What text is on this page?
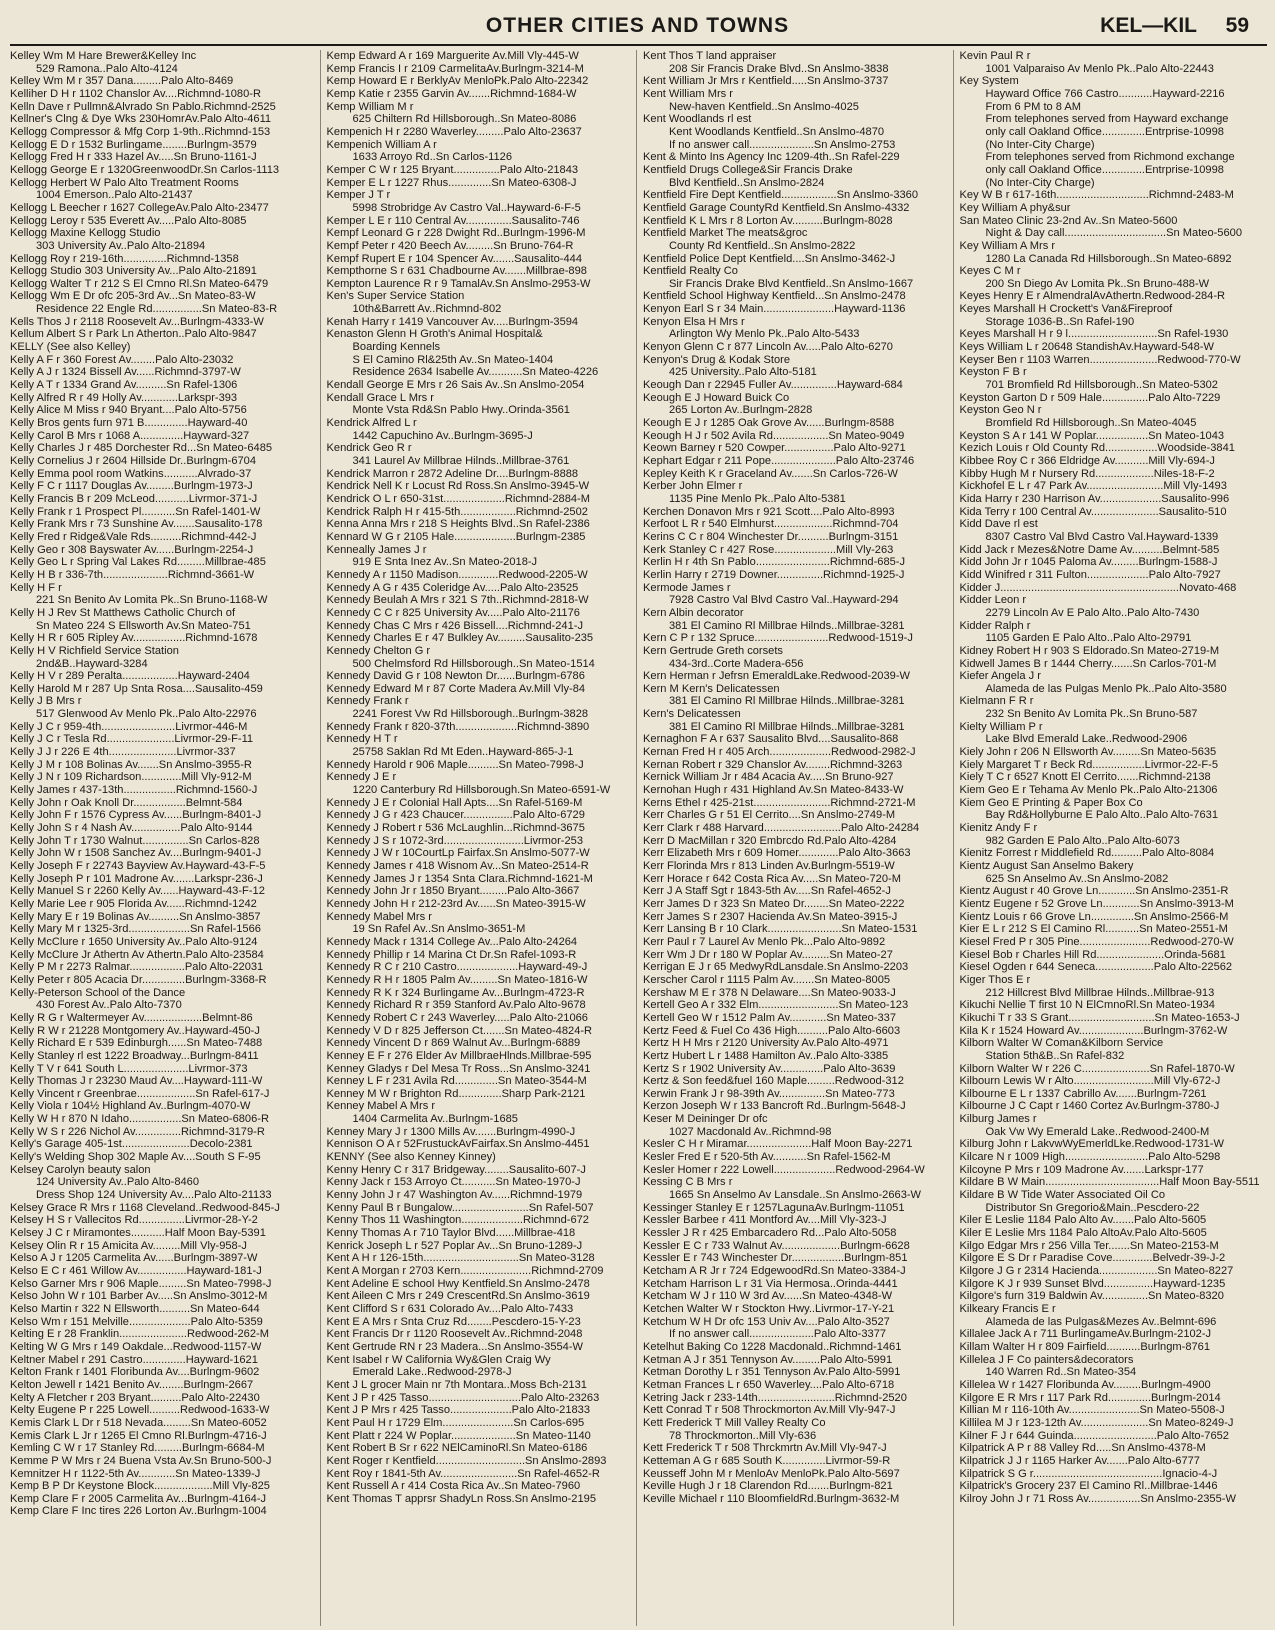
OTHER CITIES AND TOWNS	KEL—KIL 59
Kelley Wm M Hare Brewer&Kelley Inc
529 Ramona..Palo Alto-4124
Kelley Wm M r 357 Dana.........Palo Alto-8469
Kelliher D H r 1102 Chanslor Av....Richmnd-1080-R
Kelln Dave r Pullmn&Alvrado Sn Pablo.Richmnd-2525
Kellner's Clng & Dye Wks 230HomrAv.Palo Alto-4611
Kellogg Compressor & Mfg Corp 1-9th..Richmnd-153
Kellogg E D r 1532 Burlingame........Burlngm-3579
Kellogg Fred H r 333 Hazel Av.....Sn Bruno-1161-J
Kellogg George E r 1320GreenwoodDr.Sn Carlos-1113
Kellogg Herbert W Palo Alto Treatment Rooms
1004 Emerson..Palo Alto-21437
Kellogg L Beecher r 1627 CollegeAv.Palo Alto-23477
Kellogg Leroy r 535 Everett Av.....Palo Alto-8085
Kellogg Maxine Kellogg Studio
303 University Av..Palo Alto-21894
Kellogg Roy r 219-16th..............Richmnd-1358
Kellogg Studio 303 University Av...Palo Alto-21891
Kellogg Walter T r 212 S El Cmno Rl.Sn Mateo-6479
Kellogg Wm E Dr ofc 205-3rd Av...Sn Mateo-83-W
Residence 22 Engle Rd................Sn Mateo-83-R
Kells Thos J r 2118 Roosevelt Av...Burlngm-4333-W
Kellum Albert S r Park Ln Atherton..Palo Alto-9847
KELLY (See also Kelley)
Kelly A F r 360 Forest Av........Palo Alto-23032
Kelly A J r 1324 Bissell Av......Richmnd-3797-W
Kelly A T r 1334 Grand Av..........Sn Rafel-1306
Kelly Alfred R r 49 Holly Av............Larkspr-393
Kelly Alice M Miss r 940 Bryant....Palo Alto-5756
Kelly Bros gents furn 971 B..............Hayward-40
Kelly Carol B Mrs r 1068 A..............Hayward-327
Kelly Charles J r 485 Dorchester Rd...Sn Mateo-6485
Kelly Cornelius J r 2604 Hillside Dr..Burlngm-6704
Kelly Emma pool room Watkins...........Alvrado-37
Kelly F C r 1117 Douglas Av.........Burlngm-1973-J
Kelly Francis B r 209 McLeod...........Livrmor-371-J
Kelly Frank r 1 Prospect Pl...........Sn Rafel-1401-W
Kelly Frank Mrs r 73 Sunshine Av.......Sausalito-178
Kelly Fred r Ridge&Vale Rds..........Richmnd-442-J
Kelly Geo r 308 Bayswater Av......Burlngm-2254-J
Kelly Geo L r Spring Val Lakes Rd.........Millbrae-485
Kelly H B r 336-7th.....................Richmnd-3661-W
Kelly H F r
221 Sn Benito Av Lomita Pk..Sn Bruno-1168-W
Kelly H J Rev St Matthews Catholic Church of
Sn Mateo 224 S Ellsworth Av.Sn Mateo-751
Kelly H R r 605 Ripley Av.................Richmnd-1678
Kelly H V Richfield Service Station
2nd&B..Hayward-3284
Kelly H V r 289 Peralta..................Hayward-2404
Kelly Harold M r 287 Up Snta Rosa....Sausalito-459
Kelly J B Mrs r
517 Glenwood Av Menlo Pk..Palo Alto-22976
Kelly J C r 959-4th........................Livrmor-446-M
Kelly J C r Tesla Rd......................Livrmor-29-F-11
Kelly J J r 226 E 4th......................Livrmor-337
Kelly J M r 108 Bolinas Av.......Sn Anslmo-3955-R
Kelly J N r 109 Richardson.............Mill Vly-912-M
Kelly James r 437-13th.................Richmnd-1560-J
Kelly John r Oak Knoll Dr.................Belmnt-584
Kelly John F r 1576 Cypress Av......Burlngm-8401-J
Kelly John S r 4 Nash Av................Palo Alto-9144
Kelly John T r 1730 Walnut...............Sn Carlos-828
Kelly John W r 1508 Sanchez Av....Burlngm-9401-J
Kelly Joseph F r 22743 Bayview Av.Hayward-43-F-5
Kelly Joseph P r 101 Madrone Av.......Larkspr-236-J
Kelly Manuel S r 2260 Kelly Av......Hayward-43-F-12
Kelly Marie Lee r 905 Florida Av......Richmnd-1242
Kelly Mary E r 19 Bolinas Av..........Sn Anslmo-3857
Kelly Mary M r 1325-3rd....................Sn Rafel-1566
Kelly McClure r 1650 University Av..Palo Alto-9124
Kelly McClure Jr Athertn Av Athertn.Palo Alto-23584
Kelly P M r 2273 Ralmar..................Palo Alto-22031
Kelly Peter r 805 Acacia Dr..............Burlngm-3368-R
Kelly-Peterson School of the Dance
430 Forest Av..Palo Alto-7370
Kelly R G r Waltermeyer Av...................Belmnt-86
Kelly R W r 21228 Montgomery Av..Hayward-450-J
Kelly Richard E r 539 Edinburgh......Sn Mateo-7488
Kelly Stanley rl est 1222 Broadway...Burlngm-8411
Kelly T V r 641 South L.....................Livrmor-373
Kelly Thomas J r 23230 Maud Av....Hayward-111-W
Kelly Vincent r Greenbrae...................Sn Rafel-617-J
Kelly Viola r 104½ Highland Av..Burlngm-4070-W
Kelly W H r 870 N Idaho.................Sn Mateo-6806-R
Kelly W S r 226 Nichol Av...............Richmnd-3179-R
Kelly's Garage 405-1st......................Decolo-2381
Kelly's Welding Shop 302 Maple Av....South S F-95
Kelsey Carolyn beauty salon
124 University Av..Palo Alto-8460
Dress Shop 124 University Av....Palo Alto-21133
Kelsey Grace R Mrs r 1168 Cleveland..Redwood-845-J
Kelsey H S r Vallecitos Rd...............Livrmor-28-Y-2
Kelsey J C r Miramontes...........Half Moon Bay-5391
Kelsey Olin R r 15 Amicita Av.........Mill Vly-958-J
Kelso A J r 1205 Carmelita Av......Burlngm-3897-W
Kelso E C r 461 Willow Av................Hayward-181-J
Kelso Garner Mrs r 906 Maple.........Sn Mateo-7998-J
Kelso John W r 101 Barber Av.....Sn Anslmo-3012-M
Kelso Martin r 322 N Ellsworth..........Sn Mateo-644
Kelso Wm r 151 Melville....................Palo Alto-5359
Kelting E r 28 Franklin......................Redwood-262-M
Kelting W G Mrs r 149 Oakdale...Redwood-1157-W
Keltner Mabel r 291 Castro..............Hayward-1621
Kelton Frank r 1401 Floribunda Av....Burlngm-9602
Kelton Jewell r 1421 Benito Av........Burlngm-2667
Kelty A Fletcher r 203 Bryant..........Palo Alto-22430
Kelty Eugene P r 225 Lowell..........Redwood-1633-W
Kemis Clark L Dr r 518 Nevada.........Sn Mateo-6052
Kemis Clark L Jr r 1265 El Cmno Rl.Burlngm-4716-J
Kemling C W r 17 Stanley Rd.........Burlngm-6684-M
Kemme P W Mrs r 24 Buena Vsta Av.Sn Bruno-500-J
Kemnitzer H r 1122-5th Av............Sn Mateo-1339-J
Kemp B P Dr Keystone Block...................Mill Vly-825
Kemp Clare F r 2005 Carmelita Av...Burlngm-4164-J
Kemp Clare F Inc tires 226 Lorton Av..Burlngm-1004
Kemp Edward A r 169 Marguerite Av.Mill Vly-445-W
Kemp Francis I r 2109 CarmelitaAv.Burlngm-3214-M
Kemp Howard E r BerklyAv MenloPk.Palo Alto-22342
Kemp Katie r 2355 Garvin Av.......Richmnd-1684-W
Kemp William M r
625 Chiltern Rd Hillsborough..Sn Mateo-8086
Kempenich H r 2280 Waverley.........Palo Alto-23637
Kempenich William A r
1633 Arroyo Rd..Sn Carlos-1126
Kemper C W r 125 Bryant...............Palo Alto-21843
Kemper E L r 1227 Rhus..............Sn Mateo-6308-J
Kemper J T r
5998 Strobridge Av Castro Val..Hayward-6-F-5
Kemper L E r 110 Central Av...............Sausalito-746
Kempf Leonard G r 228 Dwight Rd..Burlngm-1996-M
Kempf Peter r 420 Beech Av.........Sn Bruno-764-R
Kempf Rupert E r 104 Spencer Av.......Sausalito-444
Kempthorne S r 631 Chadbourne Av.......Millbrae-898
Kempton Laurence R r 9 TamalAv.Sn Anslmo-2953-W
Ken's Super Service Station
10th&Barrett Av..Richmnd-802
Kenah Harry r 1419 Vancouver Av.....Burlngm-3594
Kenaston Glenn H Groth's Animal Hospital&
Boarding Kennels
S El Camino Rl&25th Av..Sn Mateo-1404
Residence 2634 Isabelle Av...........Sn Mateo-4226
Kendall George E Mrs r 26 Sais Av..Sn Anslmo-2054
Kendall Grace L Mrs r
Monte Vsta Rd&Sn Pablo Hwy..Orinda-3561
Kendrick Alfred L r
1442 Capuchino Av..Burlngm-3695-J
Kendrick Geo R r
341 Laurel Av Millbrae Hilnds..Millbrae-3761
Kendrick Marron r 2872 Adeline Dr....Burlngm-8888
Kendrick Nell K r Locust Rd Ross.Sn Anslmo-3945-W
Kendrick O L r 650-31st....................Richmnd-2884-M
Kendrick Ralph H r 415-5th..................Richmnd-2502
Kenna Anna Mrs r 218 S Heights Blvd..Sn Rafel-2386
Kennard W G r 2105 Hale....................Burlngm-2385
Kenneally James J r
919 E Snta Inez Av..Sn Mateo-2018-J
Kennedy A r 1150 Madison.............Redwood-2205-W
Kennedy A G r 435 Coleridge Av.....Palo Alto-23525
Kennedy Beulah A Mrs r 321 S 7th..Richmnd-2818-W
Kennedy C C r 825 University Av.....Palo Alto-21176
Kennedy Chas C Mrs r 426 Bissell....Richmnd-241-J
Kennedy Charles E r 47 Bulkley Av.........Sausalito-235
Kennedy Chelton G r
500 Chelmsford Rd Hillsborough..Sn Mateo-1514
Kennedy David G r 108 Newton Dr......Burlngm-6786
Kennedy Edward M r 87 Corte Madera Av.Mill Vly-84
Kennedy Frank r
2241 Forest Vw Rd Hillsborough..Burlngm-3828
Kennedy Frank r 820-37th....................Richmnd-3890
Kennedy H T r
25758 Saklan Rd Mt Eden..Hayward-865-J-1
Kennedy Harold r 906 Maple..........Sn Mateo-7998-J
Kennedy J E r
1220 Canterbury Rd Hillsborough.Sn Mateo-6591-W
Kennedy J E r Colonial Hall Apts....Sn Rafel-5169-M
Kennedy J G r 423 Chaucer................Palo Alto-6729
Kennedy J Robert r 536 McLaughlin...Richmnd-3675
Kennedy J S r 1072-3rd..........................Livrmor-253
Kennedy J W r 10CourtLp Fairfax.Sn Anslmo-5077-W
Kennedy James r 418 Wisnom Av...Sn Mateo-2514-R
Kennedy James J r 1354 Snta Clara.Richmnd-1621-M
Kennedy John Jr r 1850 Bryant.........Palo Alto-3667
Kennedy John H r 212-23rd Av......Sn Mateo-3915-W
Kennedy Mabel Mrs r
19 Sn Rafel Av..Sn Anslmo-3651-M
Kennedy Mack r 1314 College Av...Palo Alto-24264
Kennedy Phillip r 14 Marina Ct Dr.Sn Rafel-1093-R
Kennedy R C r 210 Castro....................Hayward-49-J
Kennedy R H r 1805 Palm Av.........Sn Mateo-1816-W
Kennedy R K r 324 Burlingame Av...Burlngm-4723-R
Kennedy Richard R r 359 Stanford Av.Palo Alto-9678
Kennedy Robert C r 243 Waverley.....Palo Alto-21066
Kennedy V D r 825 Jefferson Ct.......Sn Mateo-4824-R
Kennedy Vincent D r 869 Walnut Av...Burlngm-6889
Kenney E F r 276 Elder Av MillbraeHlnds.Millbrae-595
Kenney Gladys r Del Mesa Tr Ross...Sn Anslmo-3241
Kenney L F r 231 Avila Rd..............Sn Mateo-3544-M
Kenney M W r Brighton Rd..............Sharp Park-2121
Kenney Mabel A Mrs r
1404 Carmelita Av..Burlngm-1685
Kenney Mary J r 1300 Mills Av.......Burlngm-4990-J
Kennison O A r 52FrustuckAvFairfax.Sn Anslmo-4451
KENNY (See also Kenney Kinney)
Kenny Henry C r 317 Bridgeway........Sausalito-607-J
Kenny Jack r 153 Arroyo Ct...........Sn Mateo-1970-J
Kenny John J r 47 Washington Av......Richmnd-1979
Kenny Paul B r Bungalow.........................Sn Rafel-507
Kenny Thos 11 Washington....................Richmnd-672
Kenny Thomas A r 710 Taylor Blvd......Millbrae-418
Kenrick Joseph L r 527 Poplar Av...Sn Bruno-1289-J
Kent A H r 126-15th...............................Sn Mateo-3128
Kent A Morgan r 2703 Kern.......................Richmnd-2709
Kent Adeline E school Hwy Kentfield.Sn Anslmo-2478
Kent Aileen C Mrs r 249 CrescentRd.Sn Anslmo-3619
Kent Clifford S r 631 Colorado Av....Palo Alto-7433
Kent E A Mrs r Snta Cruz Rd........Pescdero-15-Y-23
Kent Francis Dr r 1120 Roosevelt Av..Richmnd-2048
Kent Gertrude RN r 23 Madera...Sn Anslmo-3554-W
Kent Isabel r W California Wy&Glen Craig Wy
Emerald Lake..Redwood-2978-J
Kent J L grocer Main nr 7th Montara..Moss Bch-2131
Kent J P r 425 Tasso..............................Palo Alto-23263
Kent J P Mrs r 425 Tasso....................Palo Alto-21833
Kent Paul H r 1729 Elm.......................Sn Carlos-695
Kent Platt r 224 W Poplar.....................Sn Mateo-1140
Kent Robert B Sr r 622 NElCaminoRl.Sn Mateo-6186
Kent Roger r Kentfield.............................Sn Anslmo-2893
Kent Roy r 1841-5th Av.........................Sn Rafel-4652-R
Kent Russell A r 414 Costa Rica Av..Sn Mateo-7960
Kent Thomas T apprsr ShadyLn Ross.Sn Anslmo-2195
Kent Thos T land appraiser
208 Sir Francis Drake Blvd..Sn Anslmo-3838
Kent William Jr Mrs r Kentfield.....Sn Anslmo-3737
Kent William Mrs r
New-haven Kentfield..Sn Anslmo-4025
Kent Woodlands rl est
Kent Woodlands Kentfield..Sn Anslmo-4870
If no answer call.....................Sn Anslmo-2753
Kent & Minto Ins Agency Inc 1209-4th..Sn Rafel-229
Kentfield Drugs College&Sir Francis Drake
Blvd Kentfield..Sn Anslmo-2824
Kentfield Fire Dept Kentfield..................Sn Anslmo-3360
Kentfield Garage CountyRd Kentfield.Sn Anslmo-4332
Kentfield K L Mrs r 8 Lorton Av..........Burlngm-8028
Kentfield Market The meats&groc
County Rd Kentfield..Sn Anslmo-2822
Kentfield Police Dept Kentfield....Sn Anslmo-3462-J
Kentfield Realty Co
Sir Francis Drake Blvd Kentfield..Sn Anslmo-1667
Kentfield School Highway Kentfield...Sn Anslmo-2478
Kenyon Earl S r 34 Main.......................Hayward-1136
Kenyon Elsa H Mrs r
Arlington Wy Menlo Pk..Palo Alto-5433
Kenyon Glenn C r 877 Lincoln Av.....Palo Alto-6270
Kenyon's Drug & Kodak Store
425 University..Palo Alto-5181
Keough Dan r 22945 Fuller Av...............Hayward-684
Keough E J Howard Buick Co
265 Lorton Av..Burlngm-2828
Keough E J r 1285 Oak Grove Av......Burlngm-8588
Keough H J r 502 Avila Rd..................Sn Mateo-9049
Keown Barney r 520 Cowper................Palo Alto-9271
Kephart Edgar r 211 Pope.....................Palo Alto-23746
Kepley Keith K r Graceland Av.......Sn Carlos-726-W
Kerber John Elmer r
1135 Pine Menlo Pk..Palo Alto-5381
Kerchen Donavon Mrs r 921 Scott....Palo Alto-8993
Kerfoot L R r 540 Elmhurst...................Richmnd-704
Kerins C C r 804 Winchester Dr..........Burlngm-3151
Kerk Stanley C r 427 Rose....................Mill Vly-263
Kerlin H r 4th Sn Pablo........................Richmnd-685-J
Kerlin Harry r 2719 Downer...............Richmnd-1925-J
Kermode James r
7928 Castro Val Blvd Castro Val..Hayward-294
Kern Albin decorator
381 El Camino Rl Millbrae Hilnds..Millbrae-3281
Kern C P r 132 Spruce........................Redwood-1519-J
Kern Gertrude Greth corsets
434-3rd..Corte Madera-656
Kern Herman r Jefrsn EmeraldLake.Redwood-2039-W
Kern M Kern's Delicatessen
381 El Camino Rl Millbrae Hilnds..Millbrae-3281
Kern's Delicatessen
381 El Camino Rl Millbrae Hilnds..Millbrae-3281
Kernaghon F A r 637 Sausalito Blvd....Sausalito-868
Kernan Fred H r 405 Arch....................Redwood-2982-J
Kernan Robert r 329 Chanslor Av........Richmnd-3263
Kernick William Jr r 484 Acacia Av.....Sn Bruno-927
Kernohan Hugh r 431 Highland Av.Sn Mateo-8433-W
Kerns Ethel r 425-21st.........................Richmnd-2721-M
Kerr Charles G r 51 El Cerrito....Sn Anslmo-2749-M
Kerr Clark r 488 Harvard.........................Palo Alto-24284
Kerr D MacMillan r 320 Embrcdo Rd.Palo Alto-4284
Kerr Elizabeth Mrs r 609 Homer.............Palo Alto-3663
Kerr Florinda Mrs r 813 Linden Av.Burlngm-5519-W
Kerr Horace r 642 Costa Rica Av.....Sn Mateo-720-M
Kerr J A Staff Sgt r 1843-5th Av.....Sn Rafel-4652-J
Kerr James D r 323 Sn Mateo Dr........Sn Mateo-2222
Kerr James S r 2307 Hacienda Av.Sn Mateo-3915-J
Kerr Lansing B r 10 Clark........................Sn Mateo-1531
Kerr Paul r 7 Laurel Av Menlo Pk...Palo Alto-9892
Kerr Wm J Dr r 180 W Poplar Av.........Sn Mateo-27
Kerrigan E J r 65 MedwyRdLansdale.Sn Anslmo-2203
Kerscher Carol r 1115 Palm Av.......Sn Mateo-8005
Kershaw M E r 378 N Delaware....Sn Mateo-9033-J
Kertell Geo A r 332 Elm..........................Sn Mateo-123
Kertell Geo W r 1512 Palm Av............Sn Mateo-337
Kertz Feed & Fuel Co 436 High..........Palo Alto-6603
Kertz H H Mrs r 2120 University Av.Palo Alto-4971
Kertz Hubert L r 1488 Hamilton Av..Palo Alto-3385
Kertz S r 1902 University Av..............Palo Alto-3639
Kertz & Son feed&fuel 160 Maple.........Redwood-312
Kerwin Frank J r 98-39th Av...............Sn Mateo-773
Kerzon Joseph W r 133 Bancroft Rd..Burlngm-5648-J
Keser M Deininger Dr ofc
1027 Macdonald Av..Richmnd-98
Kesler C H r Miramar.....................Half Moon Bay-2271
Kesler Fred E r 520-5th Av...........Sn Rafel-1562-M
Kesler Homer r 222 Lowell....................Redwood-2964-W
Kessing C B Mrs r
1665 Sn Anselmo Av Lansdale..Sn Anslmo-2663-W
Kessinger Stanley E r 1257LagunaAv.Burlngm-11051
Kessler Barbee r 411 Montford Av....Mill Vly-323-J
Kessler J R r 425 Embarcadero Rd...Palo Alto-5058
Kessler E C r 733 Walnut Av...................Burlngm-6628
Kessler E r 743 Winchester Dr.................Burlngm-851
Ketcham A R Jr r 724 EdgewoodRd.Sn Mateo-3384-J
Ketcham Harrison L r 31 Via Hermosa..Orinda-4441
Ketcham W J r 110 W 3rd Av......Sn Mateo-4348-W
Ketchen Walter W r Stockton Hwy..Livrmor-17-Y-21
Ketchum W H Dr ofc 153 Univ Av....Palo Alto-3527
If no answer call.....................Palo Alto-3377
Ketelhut Baking Co 1228 Macdonald..Richmnd-1461
Ketman A J r 351 Tennyson Av.........Palo Alto-5991
Ketman Dorothy L r 351 Tennyson Av.Palo Alto-5991
Ketman Frances L r 650 Waverley....Palo Alto-6718
Ketring Jack r 233-14th.........................Richmnd-2520
Kett Conrad T r 508 Throckmorton Av.Mill Vly-947-J
Kett Frederick T Mill Valley Realty Co
78 Throckmorton..Mill Vly-636
Kett Frederick T r 508 Thrckmrtn Av.Mill Vly-947-J
Ketteman A G r 685 South K..............Livrmor-59-R
Keusseff John M r MenloAv MenloPk.Palo Alto-5697
Keville Hugh J r 18 Clarendon Rd.......Burlngm-821
Keville Michael r 110 BloomfieldRd.Burlngm-3632-M
Kevin Paul R r
1001 Valparaiso Av Menlo Pk..Palo Alto-22443
Key System
Hayward Office 766 Castro...........Hayward-2216
From 6 PM to 8 AM
From telephones served from Hayward exchange
only call Oakland Office..............Entrprise-10998
(No Inter-City Charge)
From telephones served from Richmond exchange
only call Oakland Office..............Entrprise-10998
(No Inter-City Charge)
Key W B r 617-16th..............................Richmnd-2483-M
Key William A phy&sur
San Mateo Clinic 23-2nd Av..Sn Mateo-5600
Night & Day call.................................Sn Mateo-5600
Key William A Mrs r
1280 La Canada Rd Hillsborough..Sn Mateo-6892
Keyes C M r
200 Sn Diego Av Lomita Pk..Sn Bruno-488-W
Keyes Henry E r AlmendralAvAthertn.Redwood-284-R
Keyes Marshall H Crockett's Van&Fireproof
Storage 1036-B..Sn Rafel-190
Keyes Marshall H r 9 l.............................Sn Rafel-1930
Keys William L r 20648 StandishAv.Hayward-548-W
Keyser Ben r 1103 Warren......................Redwood-770-W
Keyston F B r
701 Bromfield Rd Hillsborough..Sn Mateo-5302
Keyston Garton D r 509 Hale...............Palo Alto-7229
Keyston Geo N r
Bromfield Rd Hillsborough..Sn Mateo-4045
Keyston S A r 141 W Poplar.................Sn Mateo-1043
Kezich Louis r Old County Rd.................Woodside-3841
Kibbee Roy C r 366 Eldridge Av...........Mill Vly-694-J
Kibby Hugh M r Nursery Rd...................Niles-18-F-2
Kickhofel E L r 47 Park Av.........................Mill Vly-1493
Kida Harry r 230 Harrison Av....................Sausalito-996
Kida Terry r 100 Central Av......................Sausalito-510
Kidd Dave rl est
8307 Castro Val Blvd Castro Val.Hayward-1339
Kidd Jack r Mezes&Notre Dame Av..........Belmnt-585
Kidd John Jr r 1045 Paloma Av.........Burlngm-1588-J
Kidd Winifred r 311 Fulton....................Palo Alto-7927
Kidder J..........................................................Novato-468
Kidder Leon r
2279 Lincoln Av E Palo Alto..Palo Alto-7430
Kidder Ralph r
1105 Garden E Palo Alto..Palo Alto-29791
Kidney Robert H r 903 S Eldorado.Sn Mateo-2719-M
Kidwell James B r 1444 Cherry.......Sn Carlos-701-M
Kiefer Angela J r
Alameda de las Pulgas Menlo Pk..Palo Alto-3580
Kielmann F R r
232 Sn Benito Av Lomita Pk..Sn Bruno-587
Kielty William P r
Lake Blvd Emerald Lake..Redwood-2906
Kiely John r 206 N Ellsworth Av.........Sn Mateo-5635
Kiely Margaret T r Beck Rd.................Livrmor-22-F-5
Kiely T C r 6527 Knott El Cerrito.......Richmnd-2138
Kiem Geo E r Tehama Av Menlo Pk..Palo Alto-21306
Kiem Geo E Printing & Paper Box Co
Bay Rd&Hollyburne E Palo Alto..Palo Alto-7631
Kienitz Andy F r
982 Garden E Palo Alto..Palo Alto-6073
Kienitz Forrest r Middlefield Rd..........Palo Alto-8084
Kientz August San Anselmo Bakery
625 Sn Anselmo Av..Sn Anslmo-2082
Kientz August r 40 Grove Ln............Sn Anslmo-2351-R
Kientz Eugene r 52 Grove Ln............Sn Anslmo-3913-M
Kientz Louis r 66 Grove Ln..............Sn Anslmo-2566-M
Kier E L r 212 S El Camino Rl...........Sn Mateo-2551-M
Kiesel Fred P r 305 Pine.......................Redwood-270-W
Kiesel Bob r Charles Hill Rd......................Orinda-5681
Kiesel Ogden r 644 Seneca...................Palo Alto-22562
Kiger Thos E r
212 Hillcrest Blvd Millbrae Hilnds..Millbrae-913
Kikuchi Nellie T first 10 N ElCmnoRl.Sn Mateo-1934
Kikuchi T r 33 S Grant............................Sn Mateo-1653-J
Kila K r 1524 Howard Av.....................Burlngm-3762-W
Kilborn Walter W Coman&Kilborn Service
Station 5th&B..Sn Rafel-832
Kilborn Walter W r 226 C......................Sn Rafel-1870-W
Kilbourn Lewis W r Alto..........................Mill Vly-672-J
Kilbourne E L r 1337 Cabrillo Av.......Burlngm-7261
Kilbourne J C Capt r 1460 Cortez Av.Burlngm-3780-J
Kilburg James r
Oak Vw Wy Emerald Lake..Redwood-2400-M
Kilburg John r LakvwWyEmerldLke.Redwood-1731-W
Kilcare N r 1009 High...........................Palo Alto-5298
Kilcoyne P Mrs r 109 Madrone Av.......Larkspr-177
Kildare B W Main.....................................Half Moon Bay-5511
Kildare B W Tide Water Associated Oil Co
Distributor Sn Gregorio&Main..Pescdero-22
Kiler E Leslie 1184 Palo Alto Av.......Palo Alto-5605
Kiler E Leslie Mrs 1184 Palo AltoAv.Palo Alto-5605
Kilgo Edgar Mrs r 256 Villa Ter.......Sn Mateo-2153-M
Kilgore E S Dr r Paradise Cove.............Belvedr-39-J-2
Kilgore J G r 2314 Hacienda...................Sn Mateo-8227
Kilgore K J r 939 Sunset Blvd................Hayward-1235
Kilgore's furn 319 Baldwin Av...............Sn Mateo-8320
Kilkeary Francis E r
Alameda de las Pulgas&Mezes Av..Belmnt-696
Killalee Jack A r 711 BurlingameAv.Burlngm-2102-J
Killam Walter H r 809 Fairfield...........Burlngm-8761
Killelea J F Co painters&decorators
140 Warren Rd..Sn Mateo-354
Killelea W r 1427 Floribunda Av.........Burlngm-4900
Kilgore E R Mrs r 117 Park Rd..............Burlngm-2014
Killian M r 116-10th Av.......................Sn Mateo-5508-J
Killilea M J r 123-12th Av......................Sn Mateo-8249-J
Kilner F J r 644 Guinda...........................Palo Alto-7652
Kilpatrick A P r 88 Valley Rd.....Sn Anslmo-4378-M
Kilpatrick J J r 1165 Harker Av.......Palo Alto-6777
Kilpatrick S G r..........................................Ignacio-4-J
Kilpatrick's Grocery 237 El Camino Rl..Millbrae-1446
Kilroy John J r 71 Ross Av.................Sn Anslmo-2355-W
